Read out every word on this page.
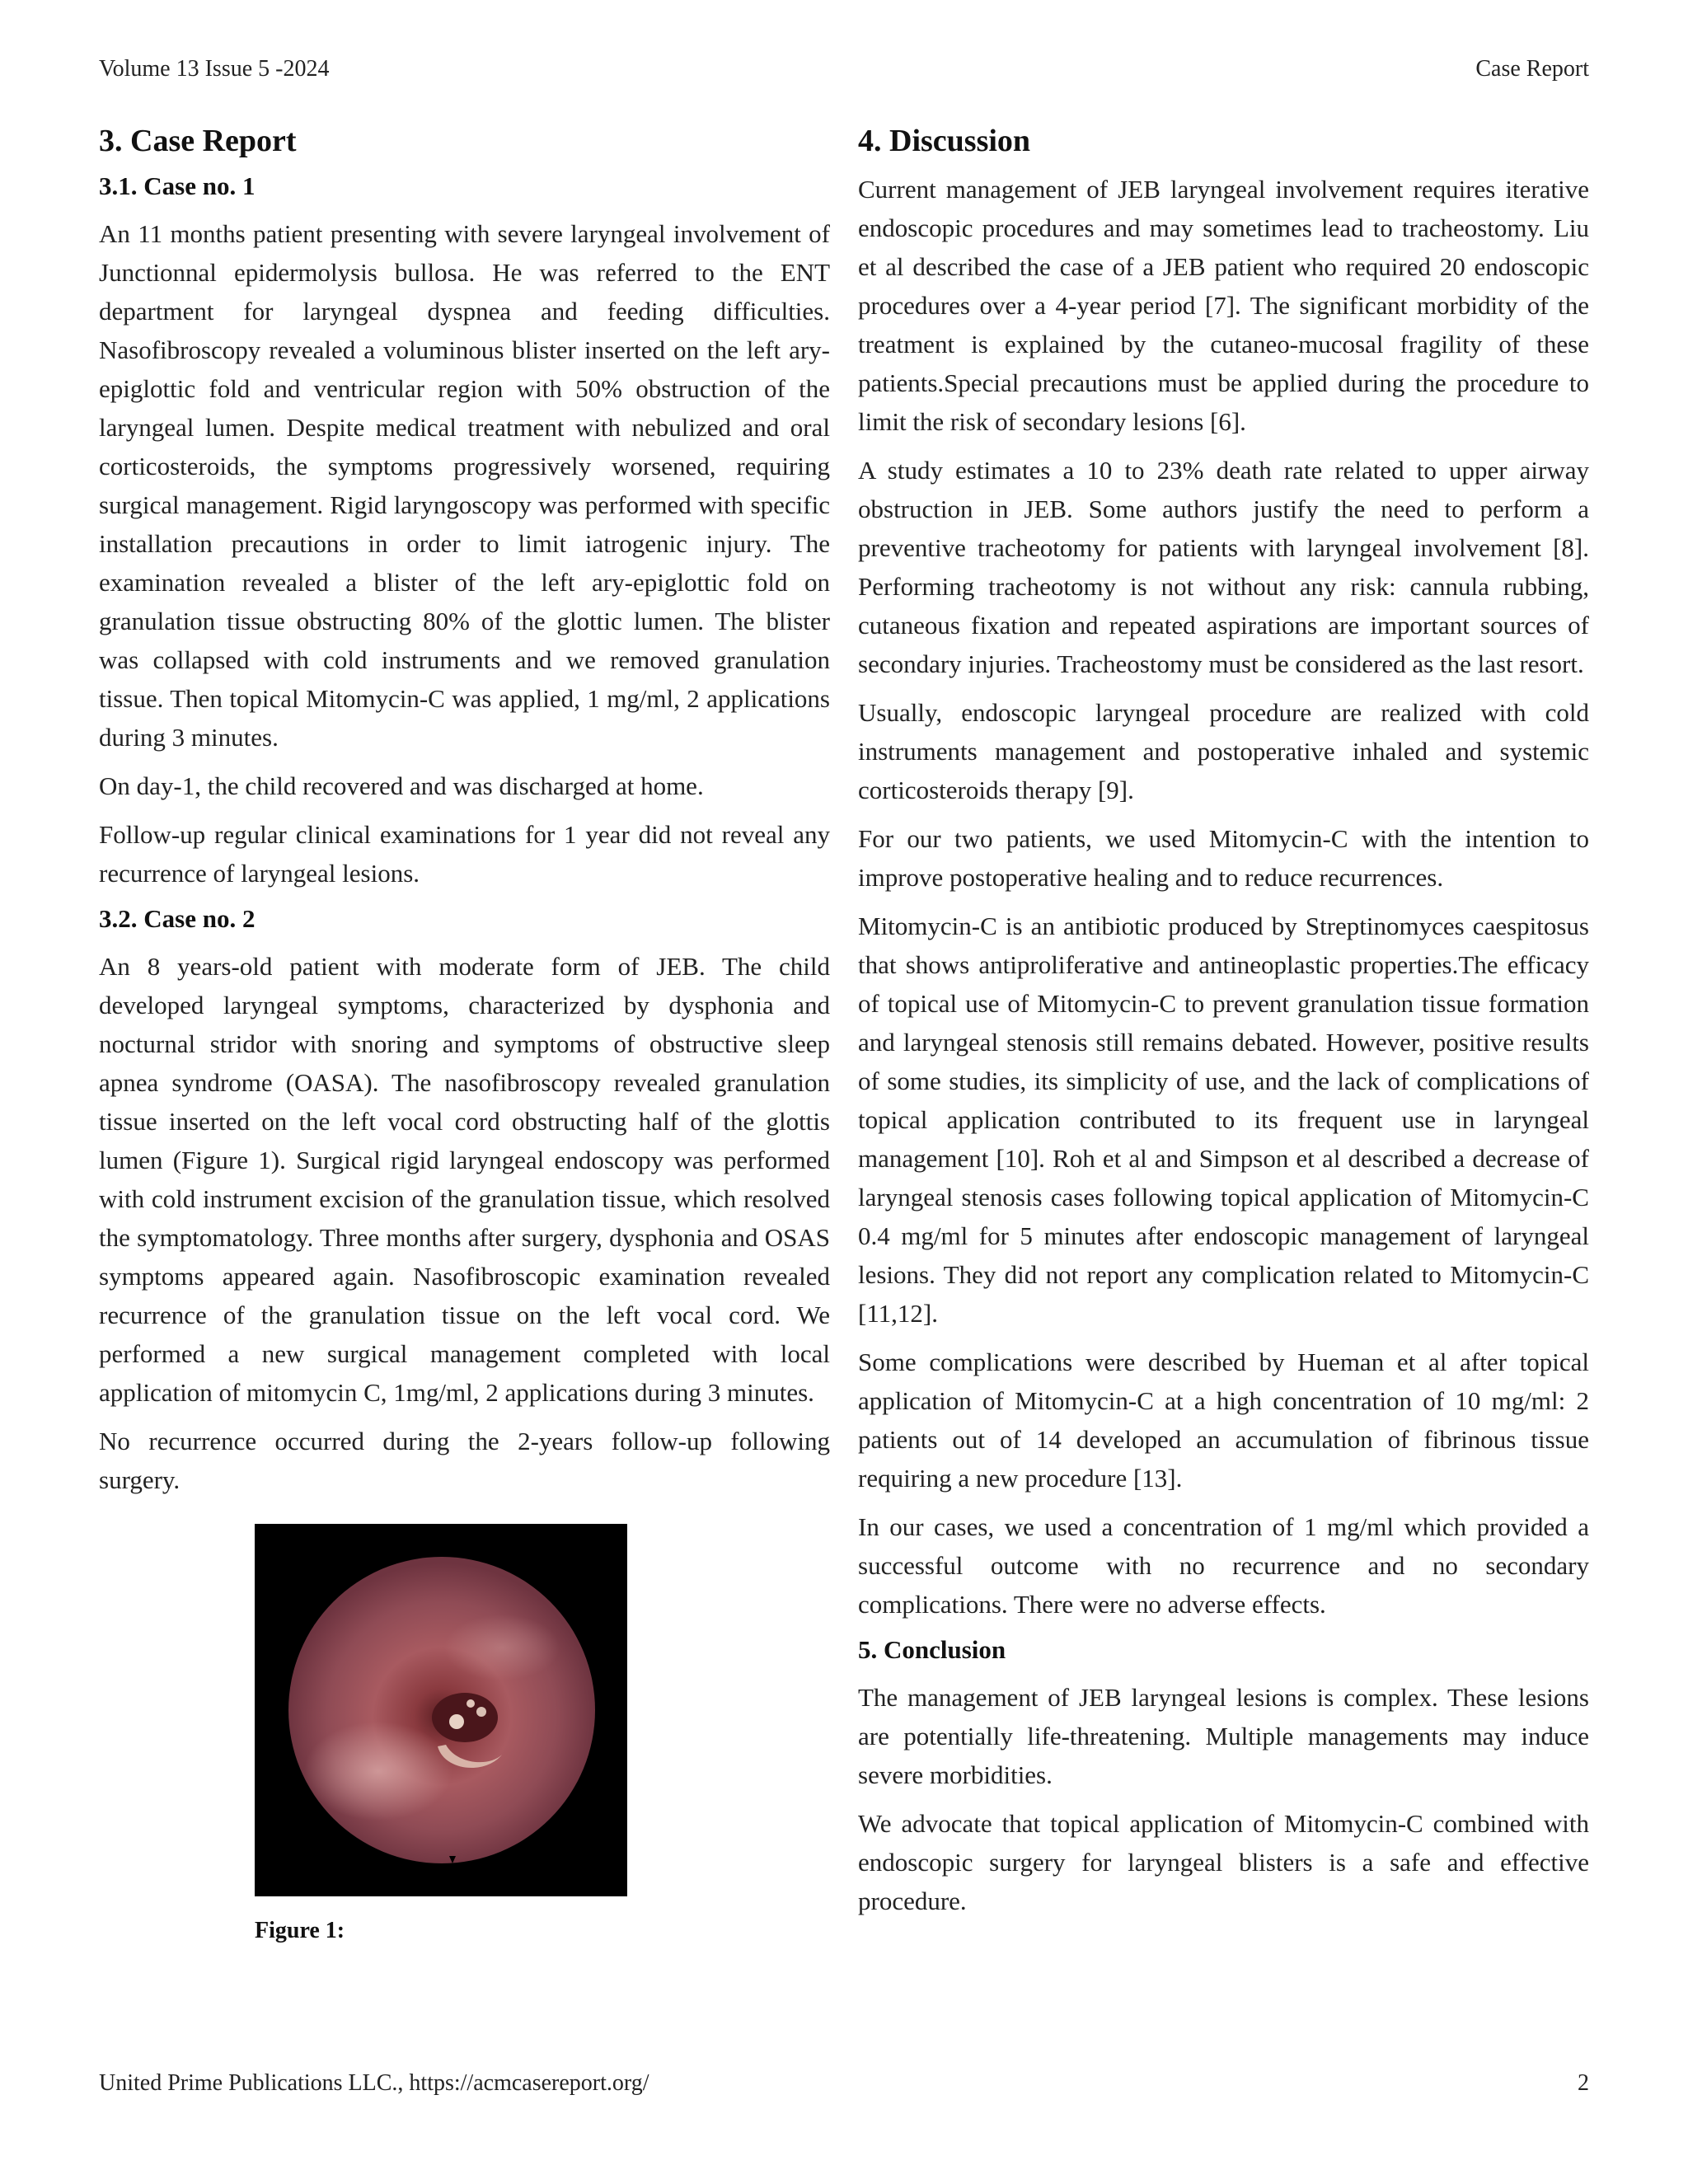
Volume 13 Issue 5 -2024	Case Report
3. Case Report
3.1. Case no. 1

An 11 months patient presenting with severe laryngeal involvement of Junctionnal epidermolysis bullosa. He was referred to the ENT department for laryngeal dyspnea and feeding difficulties. Nasofibroscopy revealed a voluminous blister inserted on the left ary-epiglottic fold and ventricular region with 50% obstruction of the laryngeal lumen. Despite medical treatment with nebulized and oral corticosteroids, the symptoms progressively worsened, requiring surgical management. Rigid laryngoscopy was performed with specific installation precautions in order to limit iatrogenic injury. The examination revealed a blister of the left ary-epiglottic fold on granulation tissue obstructing 80% of the glottic lumen. The blister was collapsed with cold instruments and we removed granulation tissue. Then topical Mitomycin-C was applied, 1 mg/ml, 2 applications during 3 minutes.

On day-1, the child recovered and was discharged at home.

Follow-up regular clinical examinations for 1 year did not reveal any recurrence of laryngeal lesions.

3.2. Case no. 2

An 8 years-old patient with moderate form of JEB. The child developed laryngeal symptoms, characterized by dysphonia and nocturnal stridor with snoring and symptoms of obstructive sleep apnea syndrome (OASA). The nasofibroscopy revealed granulation tissue inserted on the left vocal cord obstructing half of the glottis lumen (Figure 1). Surgical rigid laryngeal endoscopy was performed with cold instrument excision of the granulation tissue, which resolved the symptomatology. Three months after surgery, dysphonia and OSAS symptoms appeared again. Nasofibroscopic examination revealed recurrence of the granulation tissue on the left vocal cord. We performed a new surgical management completed with local application of mitomycin C, 1mg/ml, 2 applications during 3 minutes.

No recurrence occurred during the 2-years follow-up following surgery.

Figure 1:
4. Discussion

Current management of JEB laryngeal involvement requires iterative endoscopic procedures and may sometimes lead to tracheostomy. Liu et al described the case of a JEB patient who required 20 endoscopic procedures over a 4-year period [7]. The significant morbidity of the treatment is explained by the cutaneo-mucosal fragility of these patients.Special precautions must be applied during the procedure to limit the risk of secondary lesions [6].

A study estimates a 10 to 23% death rate related to upper airway obstruction in JEB. Some authors justify the need to perform a preventive tracheotomy for patients with laryngeal involvement [8]. Performing tracheotomy is not without any risk: cannula rubbing, cutaneous fixation and repeated aspirations are important sources of secondary injuries. Tracheostomy must be considered as the last resort.

Usually, endoscopic laryngeal procedure are realized with cold instruments management and postoperative inhaled and systemic corticosteroids therapy [9].

For our two patients, we used Mitomycin-C with the intention to improve postoperative healing and to reduce recurrences.

Mitomycin-C is an antibiotic produced by Streptinomyces caespitosus that shows antiproliferative and antineoplastic properties.The efficacy of topical use of Mitomycin-C to prevent granulation tissue formation and laryngeal stenosis still remains debated. However, positive results of some studies, its simplicity of use, and the lack of complications of topical application contributed to its frequent use in laryngeal management [10]. Roh et al and Simpson et al described a decrease of laryngeal stenosis cases following topical application of Mitomycin-C 0.4 mg/ml for 5 minutes after endoscopic management of laryngeal lesions. They did not report any complication related to Mitomycin-C [11,12].

Some complications were described by Hueman et al after topical application of Mitomycin-C at a high concentration of 10 mg/ml: 2 patients out of 14 developed an accumulation of fibrinous tissue requiring a new procedure [13].

In our cases, we used a concentration of 1 mg/ml which provided a successful outcome with no recurrence and no secondary complications. There were no adverse effects.

5. Conclusion

The management of JEB laryngeal lesions is complex. These lesions are potentially life-threatening. Multiple managements may induce severe morbidities.

We advocate that topical application of Mitomycin-C combined with endoscopic surgery for laryngeal blisters is a safe and effective procedure.

United Prime Publications LLC., https://acmcasereport.org/	2
